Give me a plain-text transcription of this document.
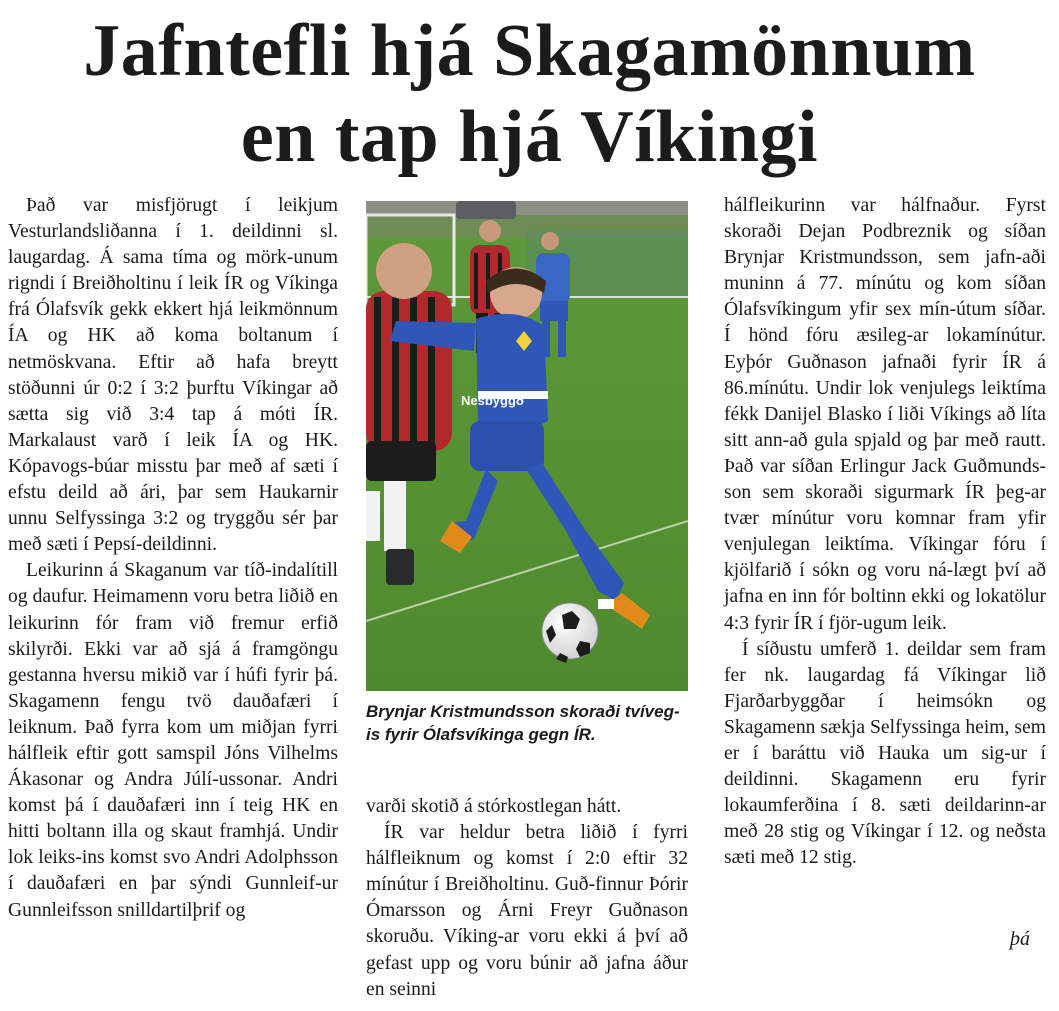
Jafntefli hjá Skagamönnum
en tap hjá Víkingi

Það var misfjörugt í leikjum Vesturlandsliðanna í 1. deildinni sl. laugardag. Á sama tíma og mörk-unum rigndi í Breiðholtinu í leik ÍR og Víkinga frá Ólafsvík gekk ekkert hjá leikmönnum ÍA og HK að koma boltanum í netmöskvana. Eftir að hafa breytt stöðunni úr 0:2 í 3:2 þurftu Víkingar að sætta sig við 3:4 tap á móti ÍR. Markalaust varð í leik ÍA og HK. Kópavogs-búar misstu þar með af sæti í efstu deild að ári, þar sem Haukarnir unnu Selfyssinga 3:2 og tryggðu sér þar með sæti í Pepsí-deildinni.

Leikurinn á Skaganum var tíð-indalítill og daufur. Heimamenn voru betra liðið en leikurinn fór fram við fremur erfið skilyrði. Ekki var að sjá á framgöngu gestanna hversu mikið var í húfi fyrir þá. Skagamenn fengu tvö dauðafæri í leiknum. Það fyrra kom um miðjan fyrri hálfleik eftir gott samspil Jóns Vilhelms Ákasonar og Andra Júlí-ussonar. Andri komst þá í dauðafæri inn í teig HK en hitti boltann illa og skaut framhjá. Undir lok leiks-ins komst svo Andri Adolphsson í dauðafæri en þar sýndi Gunnleif-ur Gunnleifsson snilldartilþrif og

Nesbyggð
Brynjar Kristmundsson skoraði tvíveg-is fyrir Ólafsvíkinga gegn ÍR.

varði skotið á stórkostlegan hátt.

ÍR var heldur betra liðið í fyrri hálfleiknum og komst í 2:0 eftir 32 mínútur í Breiðholtinu. Guð-finnur Þórir Ómarsson og Árni Freyr Guðnason skoruðu. Víking-ar voru ekki á því að gefast upp og voru búnir að jafna áður en seinni

hálfleikurinn var hálfnaður. Fyrst skoraði Dejan Podbreznik og síðan Brynjar Kristmundsson, sem jafn-aði muninn á 77. mínútu og kom síðan Ólafsvíkingum yfir sex mín-útum síðar. Í hönd fóru æsileg-ar lokamínútur. Eyþór Guðnason jafnaði fyrir ÍR á 86.mínútu. Undir lok venjulegs leiktíma fékk Danijel Blasko í liði Víkings að líta sitt ann-að gula spjald og þar með rautt. Það var síðan Erlingur Jack Guðmunds-son sem skoraði sigurmark ÍR þeg-ar tvær mínútur voru komnar fram yfir venjulegan leiktíma. Víkingar fóru í kjölfarið í sókn og voru ná-lægt því að jafna en inn fór boltinn ekki og lokatölur 4:3 fyrir ÍR í fjör-ugum leik.

Í síðustu umferð 1. deildar sem fram fer nk. laugardag fá Víkingar lið Fjarðarbyggðar í heimsókn og Skagamenn sækja Selfyssinga heim, sem er í baráttu við Hauka um sig-ur í deildinni. Skagamenn eru fyrir lokaumferðina í 8. sæti deildarinn-ar með 28 stig og Víkingar í 12. og neðsta sæti með 12 stig.

þá
